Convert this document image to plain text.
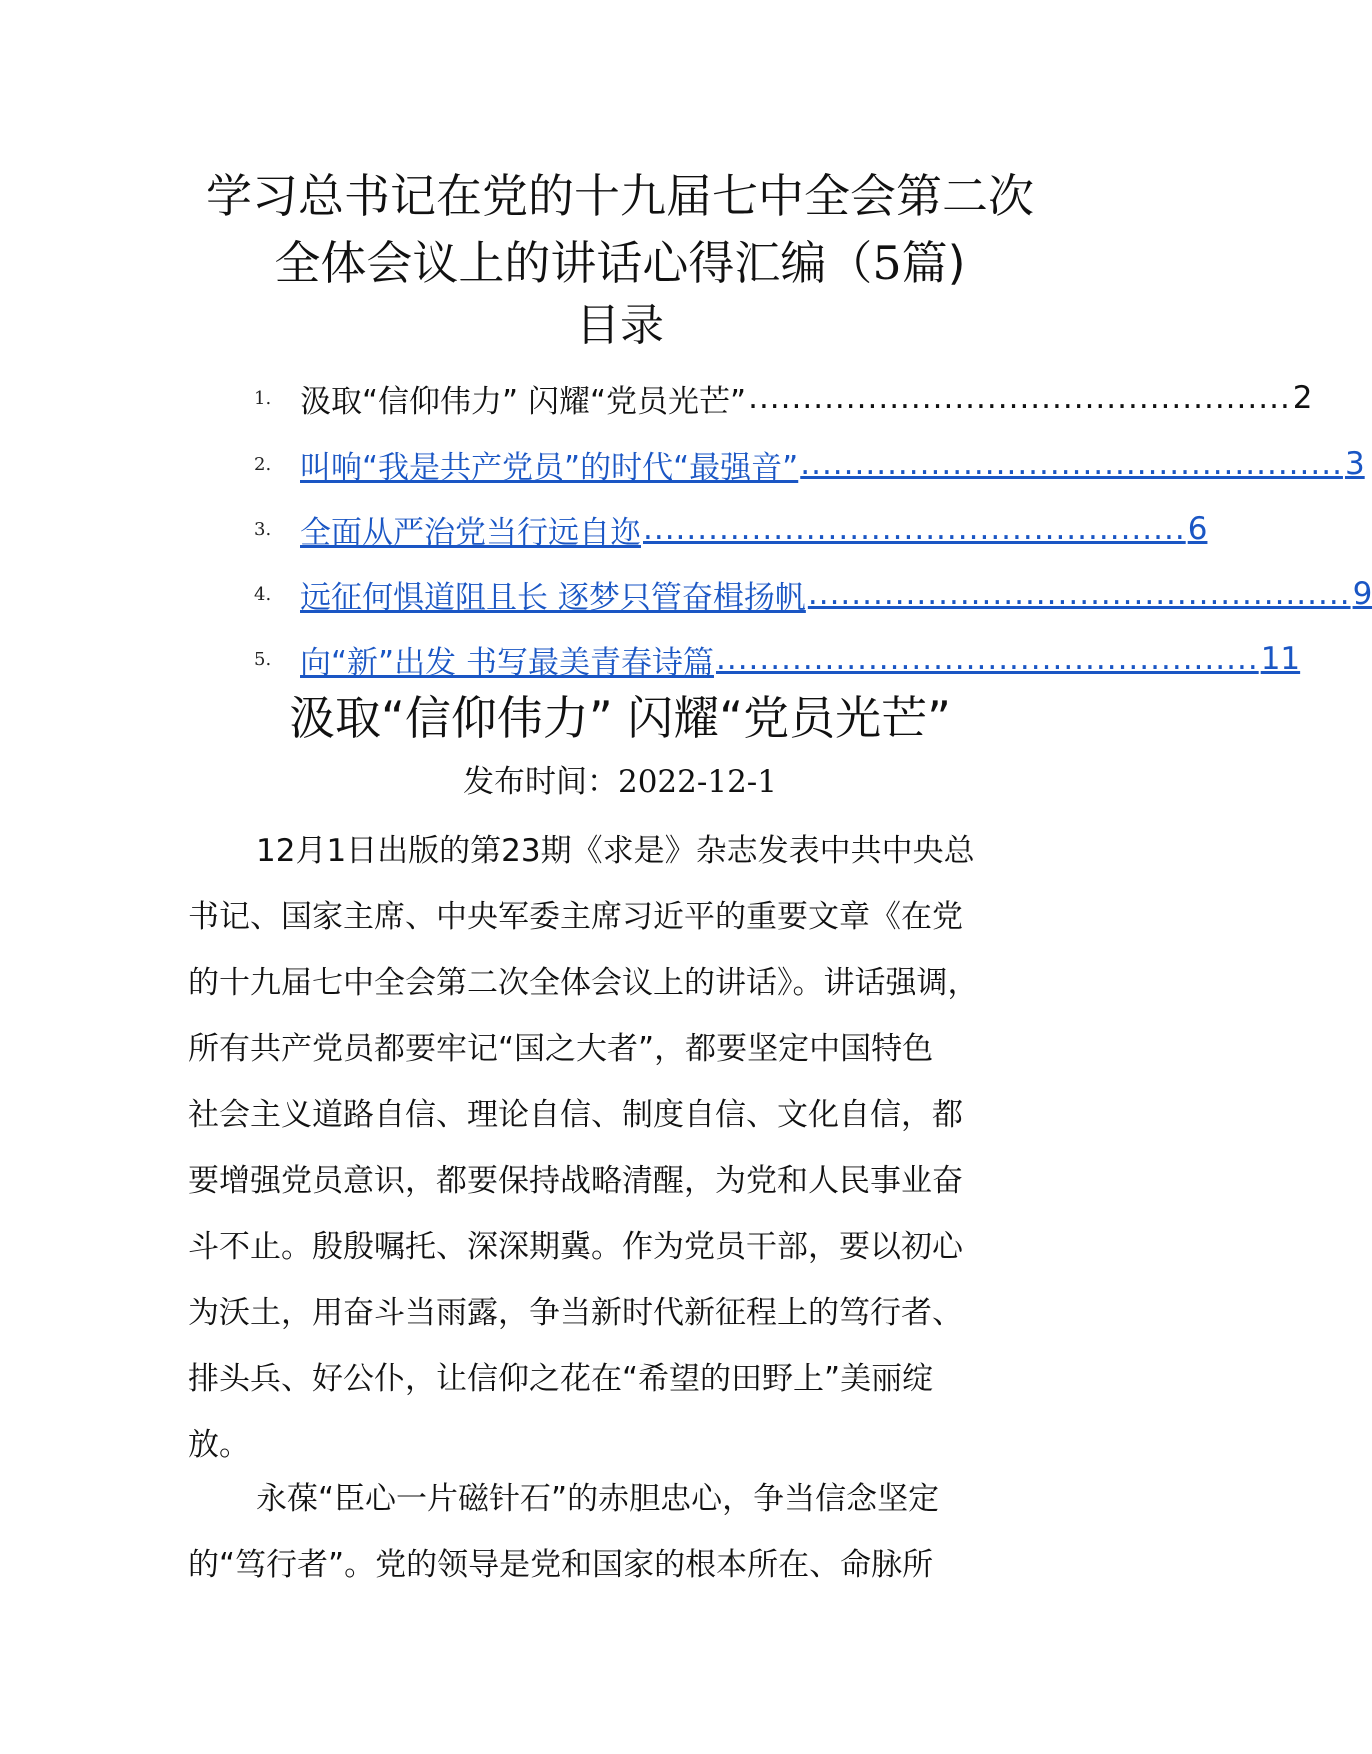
学习总书记在党的十九届七中全会第二次
全体会议上的讲话心得汇编（5篇)
目录
1. 汲取“信仰伟力” 闪耀“党员光芒” .................................................. 2
2. 叫响“我是共产党员”的时代“最强音” .................................................. 3
3. 全面从严治党当行远自迩 .................................................. 6
4. 远征何惧道阻且长 逐梦只管奋楫扬帆 .................................................. 9
5. 向“新”出发 书写最美青春诗篇 .................................................. 11
汲取“信仰伟力” 闪耀“党员光芒”
发布时间：2022-12-1
12月1日出版的第23期《求是》杂志发表中共中央总
书记、国家主席、中央军委主席习近平的重要文章《在党
的十九届七中全会第二次全体会议上的讲话》。讲话强调，
所有共产党员都要牢记“国之大者”，都要坚定中国特色
社会主义道路自信、理论自信、制度自信、文化自信，都
要增强党员意识，都要保持战略清醒，为党和人民事业奋
斗不止。殷殷嘱托、深深期冀。作为党员干部，要以初心
为沃土，用奋斗当雨露，争当新时代新征程上的笃行者、
排头兵、好公仆，让信仰之花在“希望的田野上”美丽绽
放。
永葆“臣心一片磁针石”的赤胆忠心，争当信念坚定
的“笃行者”。党的领导是党和国家的根本所在、命脉所
